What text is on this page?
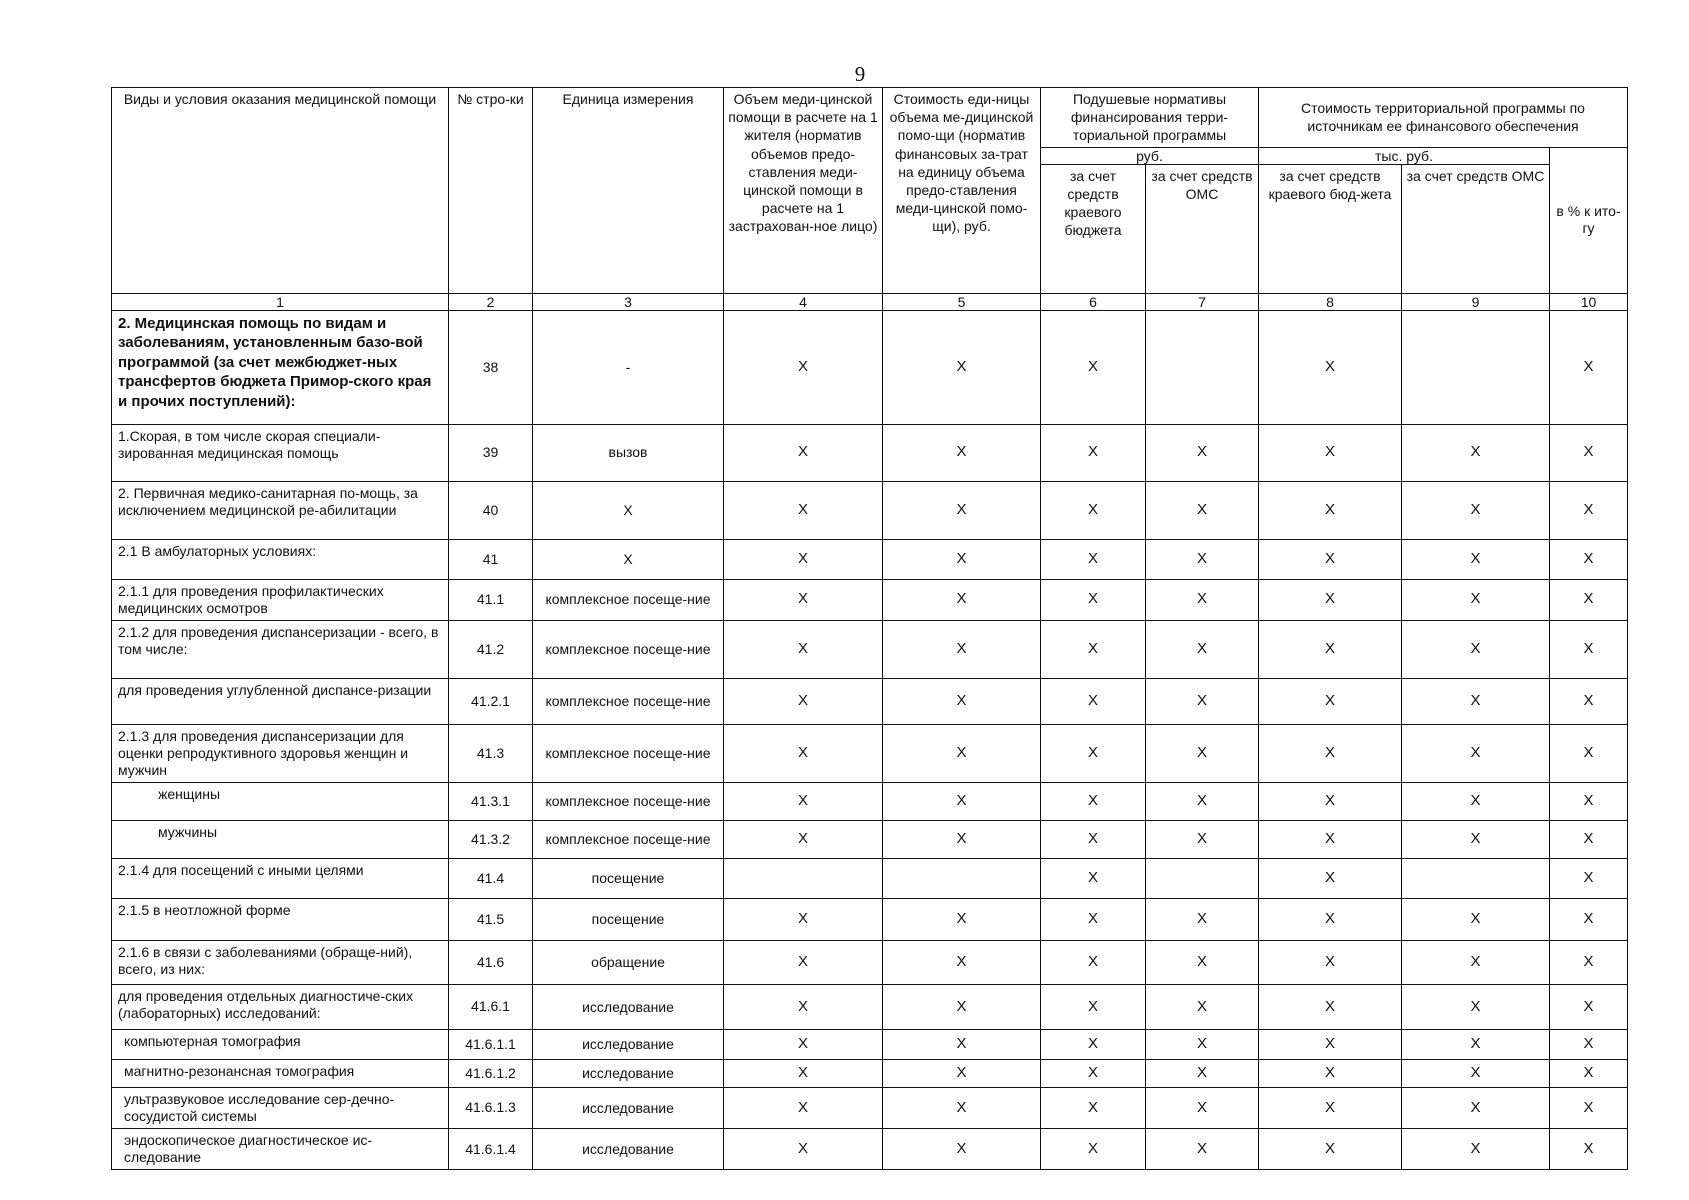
9
Виды и условия оказания медицинской помощи	№ стро-ки	Единица измерения	Объем меди-цинской помощи в расчете на 1 жителя (норматив объемов предо-ставления меди-цинской помощи в расчете на 1 застрахован-ное лицо)	Стоимость еди-ницы объема ме-дицинской помо-щи (норматив финансовых за-трат на единицу объема предо-ставления меди-цинской помо-щи), руб.	Подушевые нормативы финансирования терри-ториальной программы		Стоимость территориальной программы по источникам ее финансового обеспечения		
					руб.		тыс. руб.		в % к ито-гу
					за счет средств краевого бюджета	за счет средств ОМС	за счет средств краевого бюд-жета	за счет средств ОМС	
1	2	3	4	5	6	7	8	9	10
2. Медицинская помощь по видам и заболеваниям, установленным базо-вой программой (за счет межбюджет-ных трансфертов бюджета Примор-ского края и прочих поступлений):	38	-	X	X	X		X		X
1.Скорая, в том числе скорая специали-зированная медицинская помощь	39	вызов	X	X	X	X	X	X	X
2. Первичная медико-санитарная по-мощь, за исключением медицинской ре-абилитации	40	X	X	X	X	X	X	X	X
2.1 В амбулаторных условиях:	41	X	X	X	X	X	X	X	X
2.1.1 для проведения профилактических медицинских осмотров	41.1	комплексное посеще-ние	X	X	X	X	X	X	X
2.1.2 для проведения диспансеризации - всего, в том числе:	41.2	комплексное посеще-ние	X	X	X	X	X	X	X
для проведения углубленной диспансе-ризации	41.2.1	комплексное посеще-ние	X	X	X	X	X	X	X
2.1.3 для проведения диспансеризации для оценки репродуктивного здоровья женщин и мужчин	41.3	комплексное посеще-ние	X	X	X	X	X	X	X
женщины	41.3.1	комплексное посеще-ние	X	X	X	X	X	X	X
мужчины	41.3.2	комплексное посеще-ние	X	X	X	X	X	X	X
2.1.4 для посещений с иными целями	41.4	посещение			X		X		X
2.1.5 в неотложной форме	41.5	посещение	X	X	X	X	X	X	X
2.1.6 в связи с заболеваниями (обраще-ний), всего, из них:	41.6	обращение	X	X	X	X	X	X	X
для проведения отдельных диагностиче-ских (лабораторных) исследований:	41.6.1	исследование	X	X	X	X	X	X	X
компьютерная томография	41.6.1.1	исследование	X	X	X	X	X	X	X
магнитно-резонансная томография	41.6.1.2	исследование	X	X	X	X	X	X	X
ультразвуковое исследование сер-дечно-сосудистой системы	41.6.1.3	исследование	X	X	X	X	X	X	X
эндоскопическое диагностическое ис-следование	41.6.1.4	исследование	X	X	X	X	X	X	X
